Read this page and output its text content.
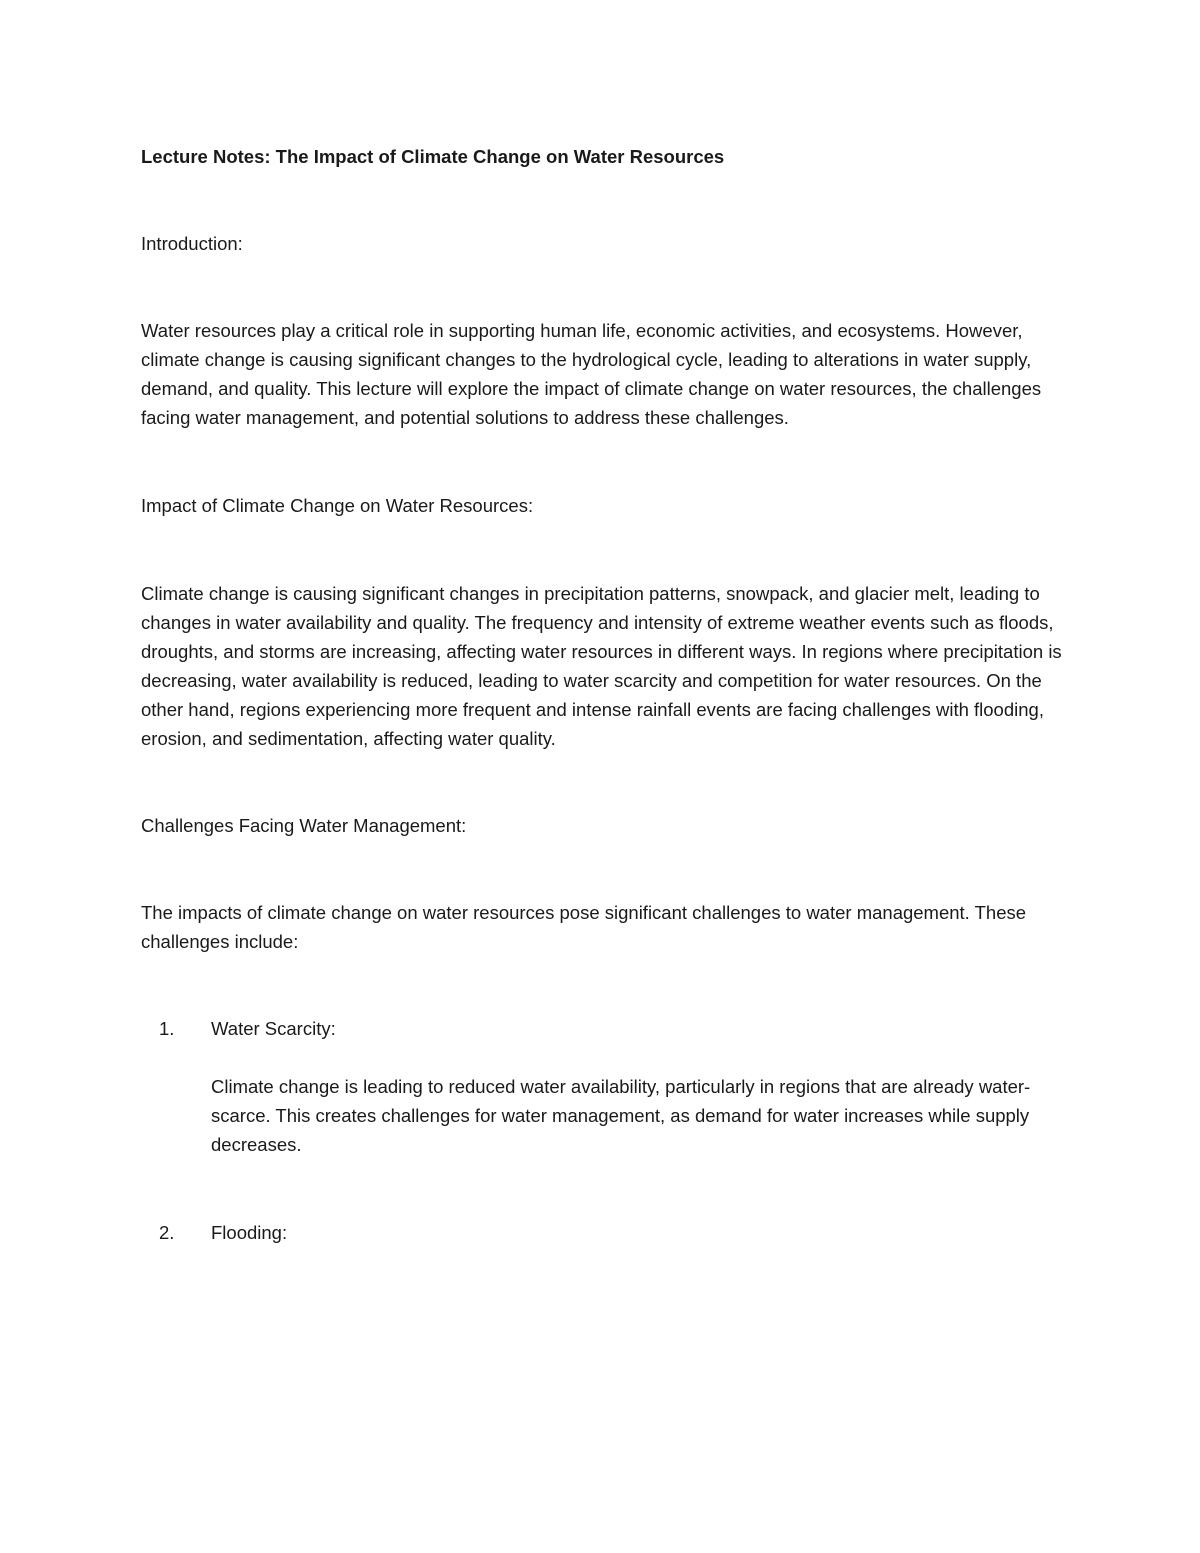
Lecture Notes: The Impact of Climate Change on Water Resources

Introduction:

Water resources play a critical role in supporting human life, economic activities, and ecosystems. However, climate change is causing significant changes to the hydrological cycle, leading to alterations in water supply, demand, and quality. This lecture will explore the impact of climate change on water resources, the challenges facing water management, and potential solutions to address these challenges.

Impact of Climate Change on Water Resources:

Climate change is causing significant changes in precipitation patterns, snowpack, and glacier melt, leading to changes in water availability and quality. The frequency and intensity of extreme weather events such as floods, droughts, and storms are increasing, affecting water resources in different ways. In regions where precipitation is decreasing, water availability is reduced, leading to water scarcity and competition for water resources. On the other hand, regions experiencing more frequent and intense rainfall events are facing challenges with flooding, erosion, and sedimentation, affecting water quality.

Challenges Facing Water Management:

The impacts of climate change on water resources pose significant challenges to water management. These challenges include:

1. Water Scarcity:

Climate change is leading to reduced water availability, particularly in regions that are already water-scarce. This creates challenges for water management, as demand for water increases while supply decreases.

2. Flooding:
